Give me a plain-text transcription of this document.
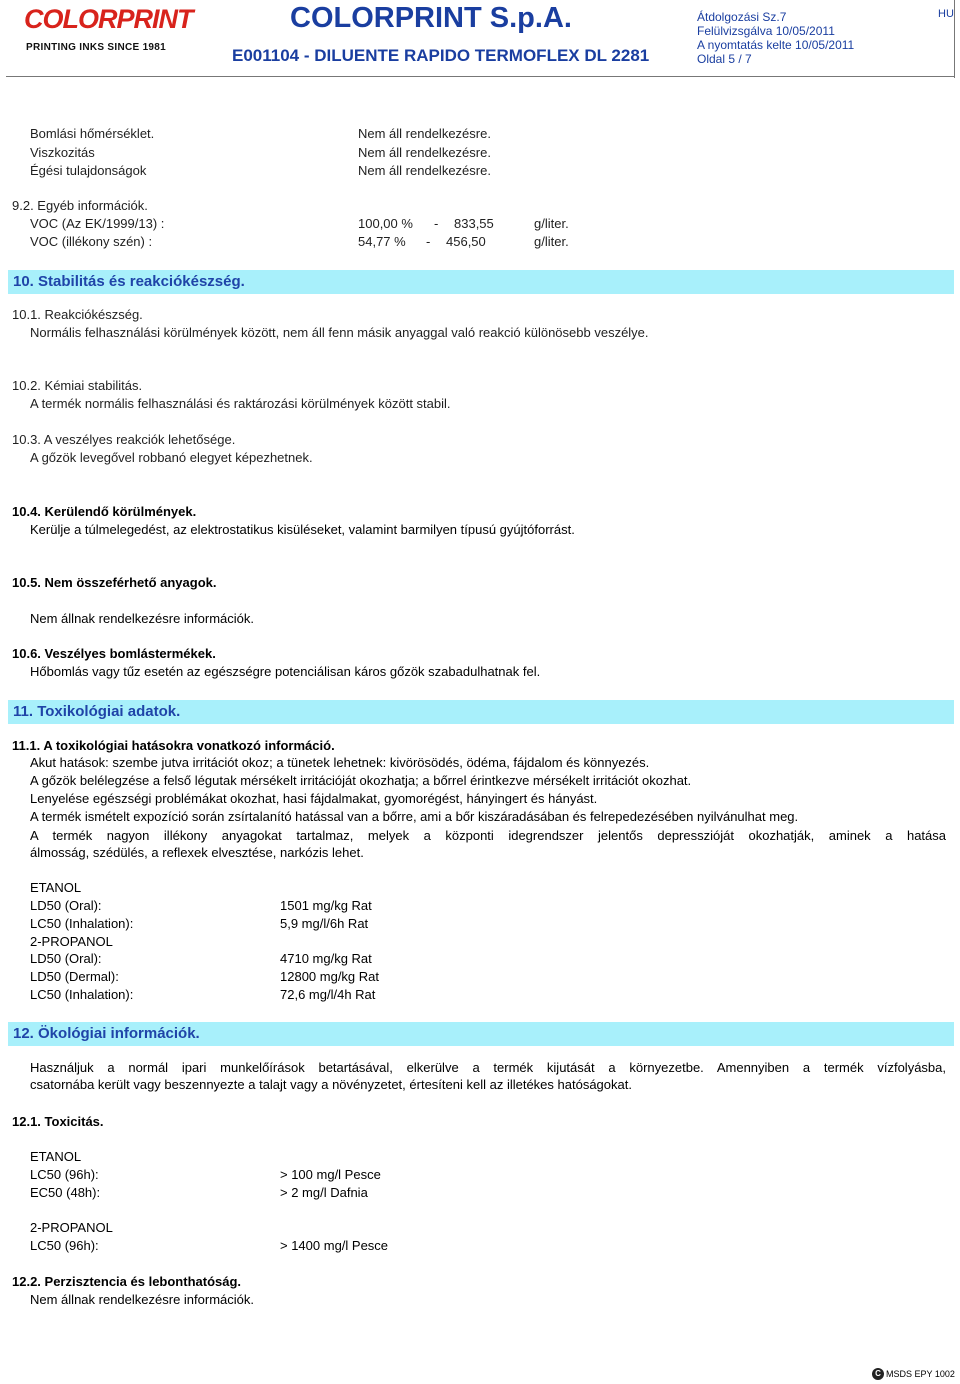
COLORPRINT
PRINTING INKS SINCE 1981
COLORPRINT S.p.A.
E001104 - DILUENTE RAPIDO TERMOFLEX DL 2281
Átdolgozási Sz.7
Felülvizsgálva 10/05/2011
A nyomtatás kelte 10/05/2011
Oldal 5 / 7
HU
Bomlási hőmérséklet.	Nem áll rendelkezésre.
Viszkozitás	Nem áll rendelkezésre.
Égési tulajdonságok	Nem áll rendelkezésre.
9.2. Egyéb információk.
VOC (Az EK/1999/13) :	100,00 % - 833,55	g/liter.
VOC (illékony szén) :	54,77 % - 456,50	g/liter.
10. Stabilitás és reakciókészség.
10.1. Reakciókészség.
Normális felhasználási körülmények között, nem áll fenn másik anyaggal való reakció különösebb veszélye.
10.2. Kémiai stabilitás.
A termék normális felhasználási és raktározási körülmények között stabil.
10.3. A veszélyes reakciók lehetősége.
A gőzök levegővel robbanó elegyet képezhetnek.
10.4. Kerülendő körülmények.
Kerülje a túlmelegedést, az elektrostatikus kisüléseket, valamint barmilyen típusú gyújtóforrást.
10.5. Nem összeférhető anyagok.
Nem állnak rendelkezésre információk.
10.6. Veszélyes bomlástermékek.
Hőbomlás vagy tűz esetén az egészségre potenciálisan káros gőzök szabadulhatnak fel.
11. Toxikológiai adatok.
11.1. A toxikológiai hatásokra vonatkozó információ.
Akut hatások: szembe jutva irritációt okoz; a tünetek lehetnek: kivörösödés, ödéma, fájdalom és könnyezés.
A gőzök belélegzése a felső légutak mérsékelt irritációját okozhatja; a bőrrel érintkezve mérsékelt irritációt okozhat.
Lenyelése egészségi problémákat okozhat, hasi fájdalmakat, gyomorégést, hányingert és hányást.
A termék ismételt expozíció során zsírtalanító hatással van a bőrre, ami a bőr kiszáradásában és felrepedezésében nyilvánulhat meg.
A termék nagyon illékony anyagokat tartalmaz, melyek a központi idegrendszer jelentős depresszióját okozhatják, aminek a hatása
álmosság, szédülés, a reflexek elvesztése, narkózis lehet.
ETANOL
LD50 (Oral):	1501 mg/kg Rat
LC50 (Inhalation):	5,9 mg/l/6h Rat
2-PROPANOL
LD50 (Oral):	4710 mg/kg Rat
LD50 (Dermal):	12800 mg/kg Rat
LC50 (Inhalation):	72,6 mg/l/4h Rat
12. Ökológiai információk.
Használjuk a normál ipari munkelőírások betartásával, elkerülve a termék kijutását a környezetbe. Amennyiben a termék vízfolyásba,
csatornába került vagy beszennyezte a talajt vagy a növényzetet, értesíteni kell az illetékes hatóságokat.
12.1. Toxicitás.
ETANOL
LC50 (96h):	> 100 mg/l Pesce
EC50 (48h):	> 2 mg/l Dafnia
2-PROPANOL
LC50 (96h):	> 1400 mg/l Pesce
12.2. Perzisztencia és lebonthatóság.
Nem állnak rendelkezésre információk.
C MSDS EPY 1002
